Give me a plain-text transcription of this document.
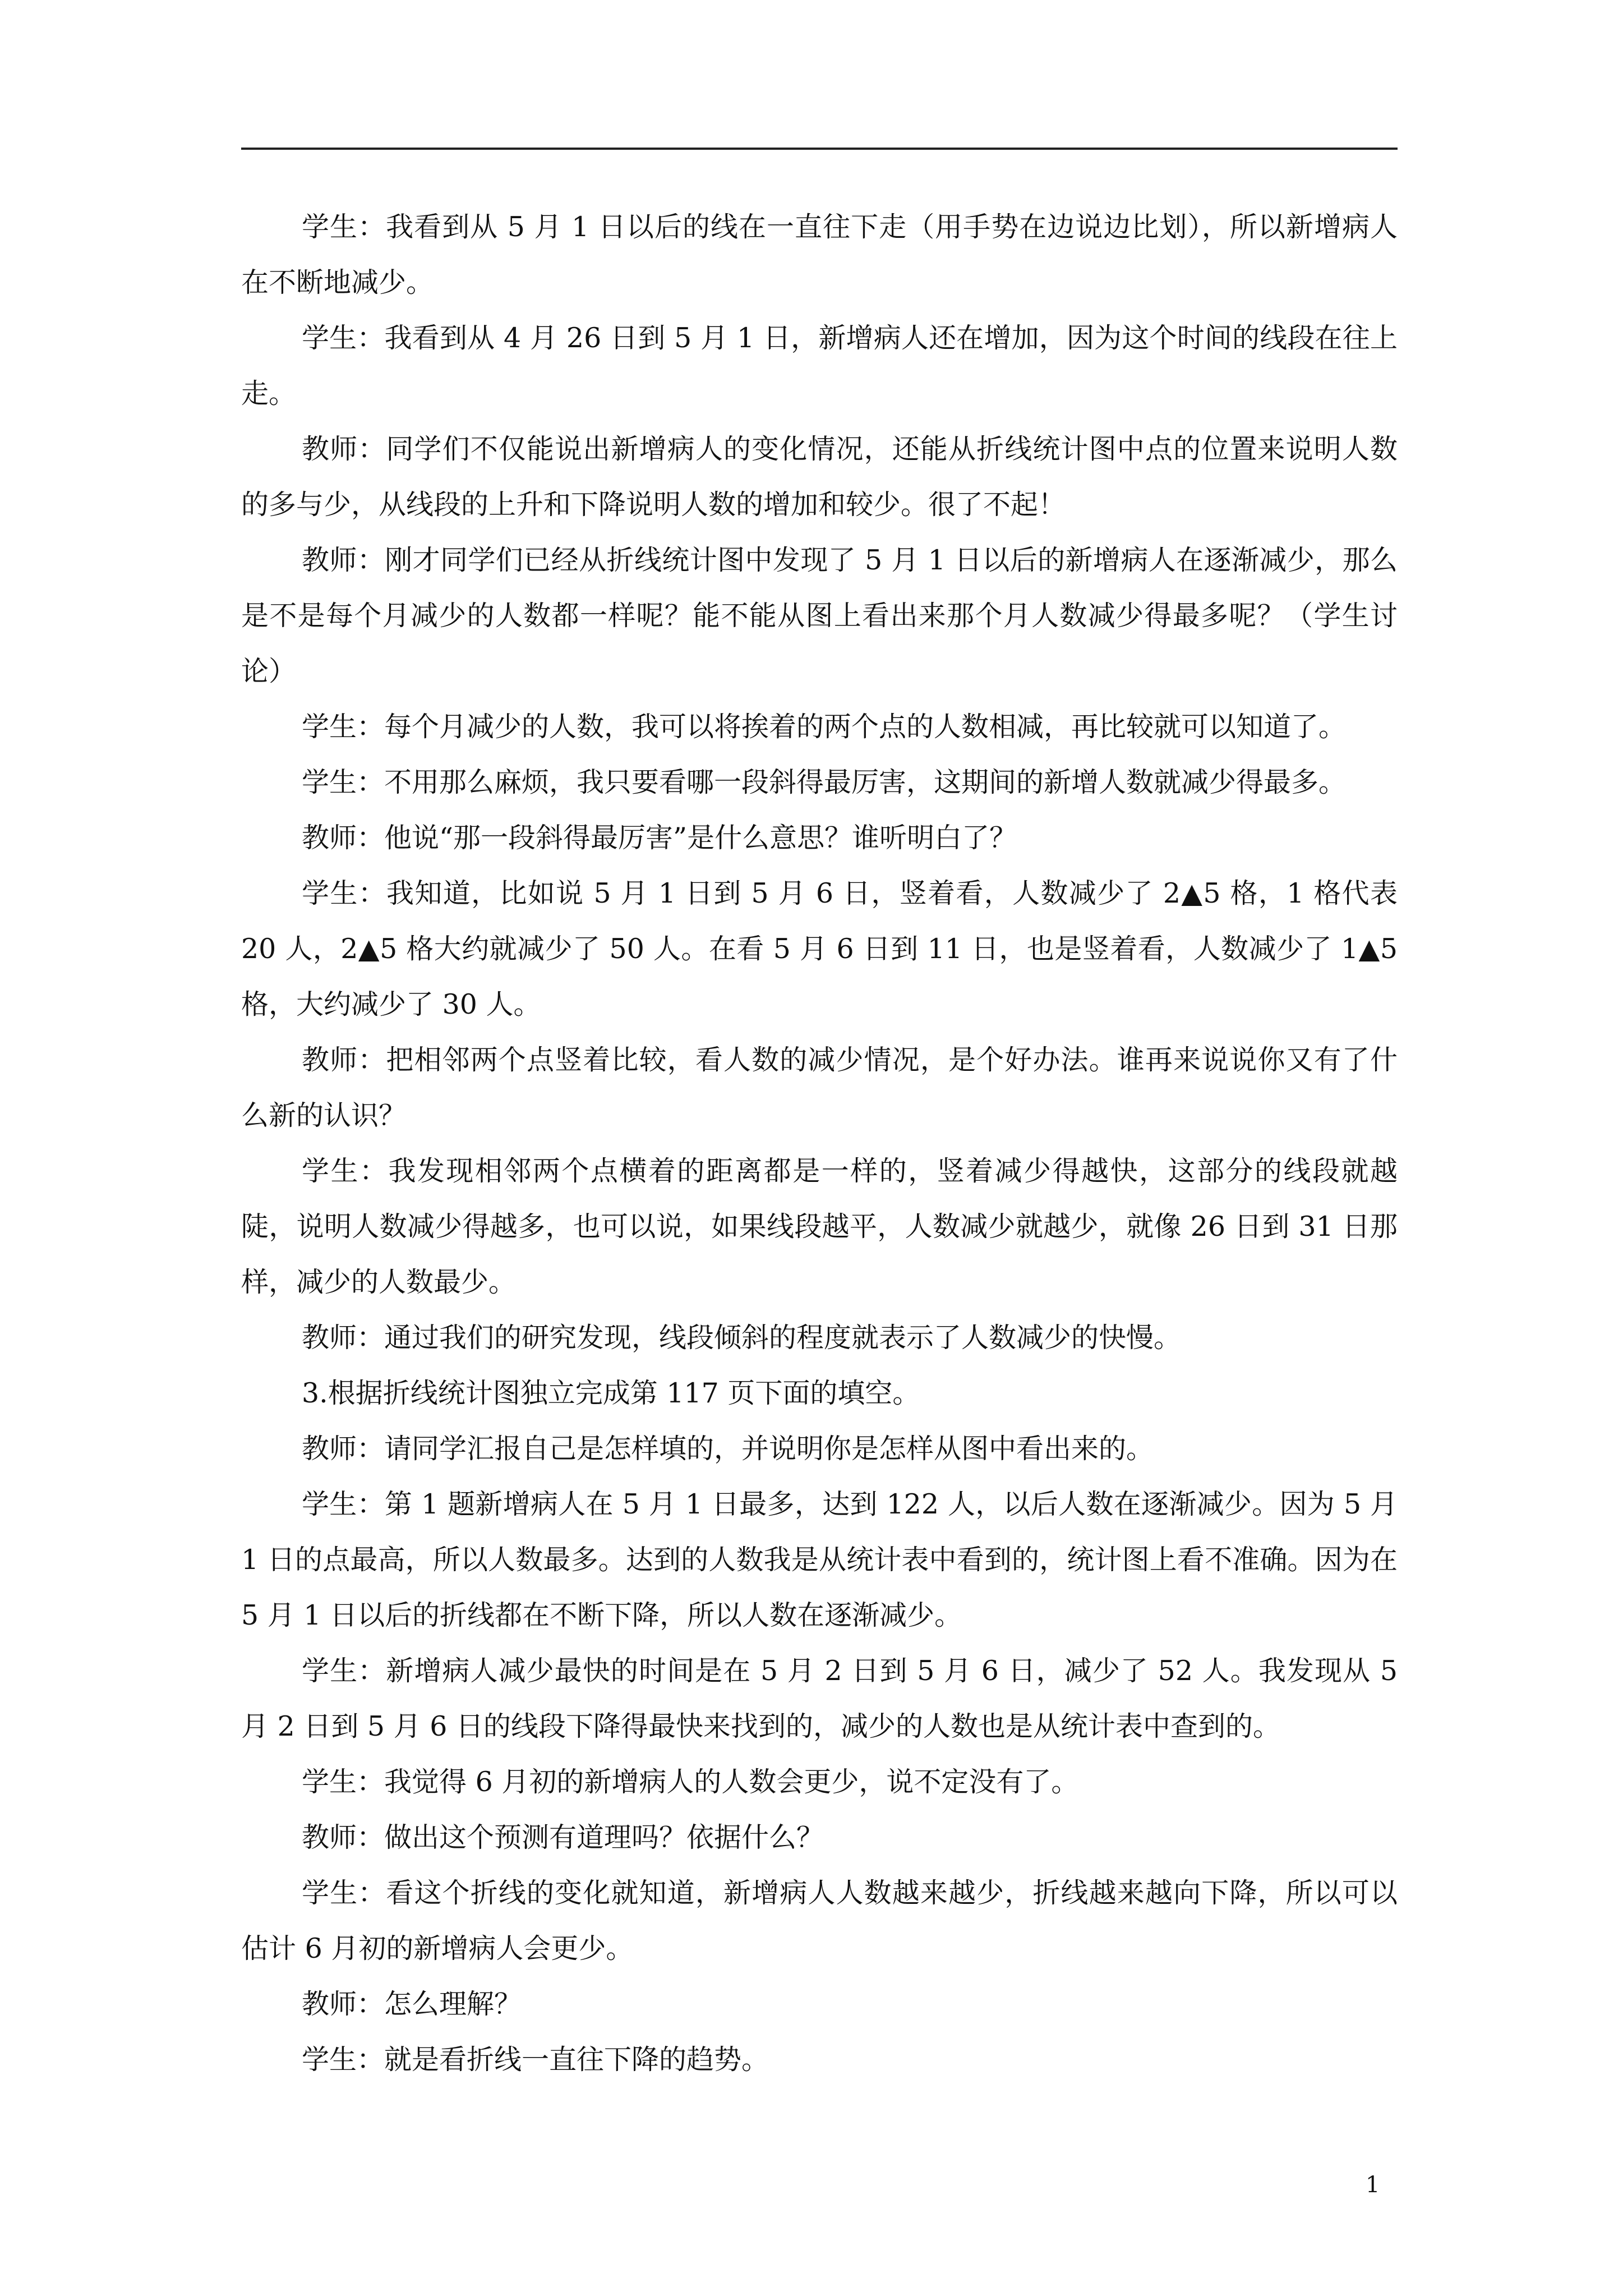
学生：我看到从 5 月 1 日以后的线在一直往下走（用手势在边说边比划），所以新增病人在不断地减少。

学生：我看到从 4 月 26 日到 5 月 1 日，新增病人还在增加，因为这个时间的线段在往上走。

教师：同学们不仅能说出新增病人的变化情况，还能从折线统计图中点的位置来说明人数的多与少，从线段的上升和下降说明人数的增加和较少。很了不起！

教师：刚才同学们已经从折线统计图中发现了 5 月 1 日以后的新增病人在逐渐减少，那么是不是每个月减少的人数都一样呢？能不能从图上看出来那个月人数减少得最多呢？（学生讨论）

学生：每个月减少的人数，我可以将挨着的两个点的人数相减，再比较就可以知道了。

学生：不用那么麻烦，我只要看哪一段斜得最厉害，这期间的新增人数就减少得最多。

教师：他说“那一段斜得最厉害”是什么意思？谁听明白了？

学生：我知道，比如说 5 月 1 日到 5 月 6 日，竖着看，人数减少了 2▲5 格，1 格代表 20 人，2▲5 格大约就减少了 50 人。在看 5 月 6 日到 11 日，也是竖着看，人数减少了 1▲5 格，大约减少了 30 人。

教师：把相邻两个点竖着比较，看人数的减少情况，是个好办法。谁再来说说你又有了什么新的认识？

学生：我发现相邻两个点横着的距离都是一样的，竖着减少得越快，这部分的线段就越陡，说明人数减少得越多，也可以说，如果线段越平，人数减少就越少，就像 26 日到 31 日那样，减少的人数最少。

教师：通过我们的研究发现，线段倾斜的程度就表示了人数减少的快慢。

3.根据折线统计图独立完成第 117 页下面的填空。

教师：请同学汇报自己是怎样填的，并说明你是怎样从图中看出来的。

学生：第 1 题新增病人在 5 月 1 日最多，达到 122 人，以后人数在逐渐减少。因为 5 月 1 日的点最高，所以人数最多。达到的人数我是从统计表中看到的，统计图上看不准确。因为在 5 月 1 日以后的折线都在不断下降，所以人数在逐渐减少。

学生：新增病人减少最快的时间是在 5 月 2 日到 5 月 6 日，减少了 52 人。我发现从 5 月 2 日到 5 月 6 日的线段下降得最快来找到的，减少的人数也是从统计表中查到的。

学生：我觉得 6 月初的新增病人的人数会更少，说不定没有了。

教师：做出这个预测有道理吗？依据什么？

学生：看这个折线的变化就知道，新增病人人数越来越少，折线越来越向下降，所以可以估计 6 月初的新增病人会更少。

教师：怎么理解？

学生：就是看折线一直往下降的趋势。

1
